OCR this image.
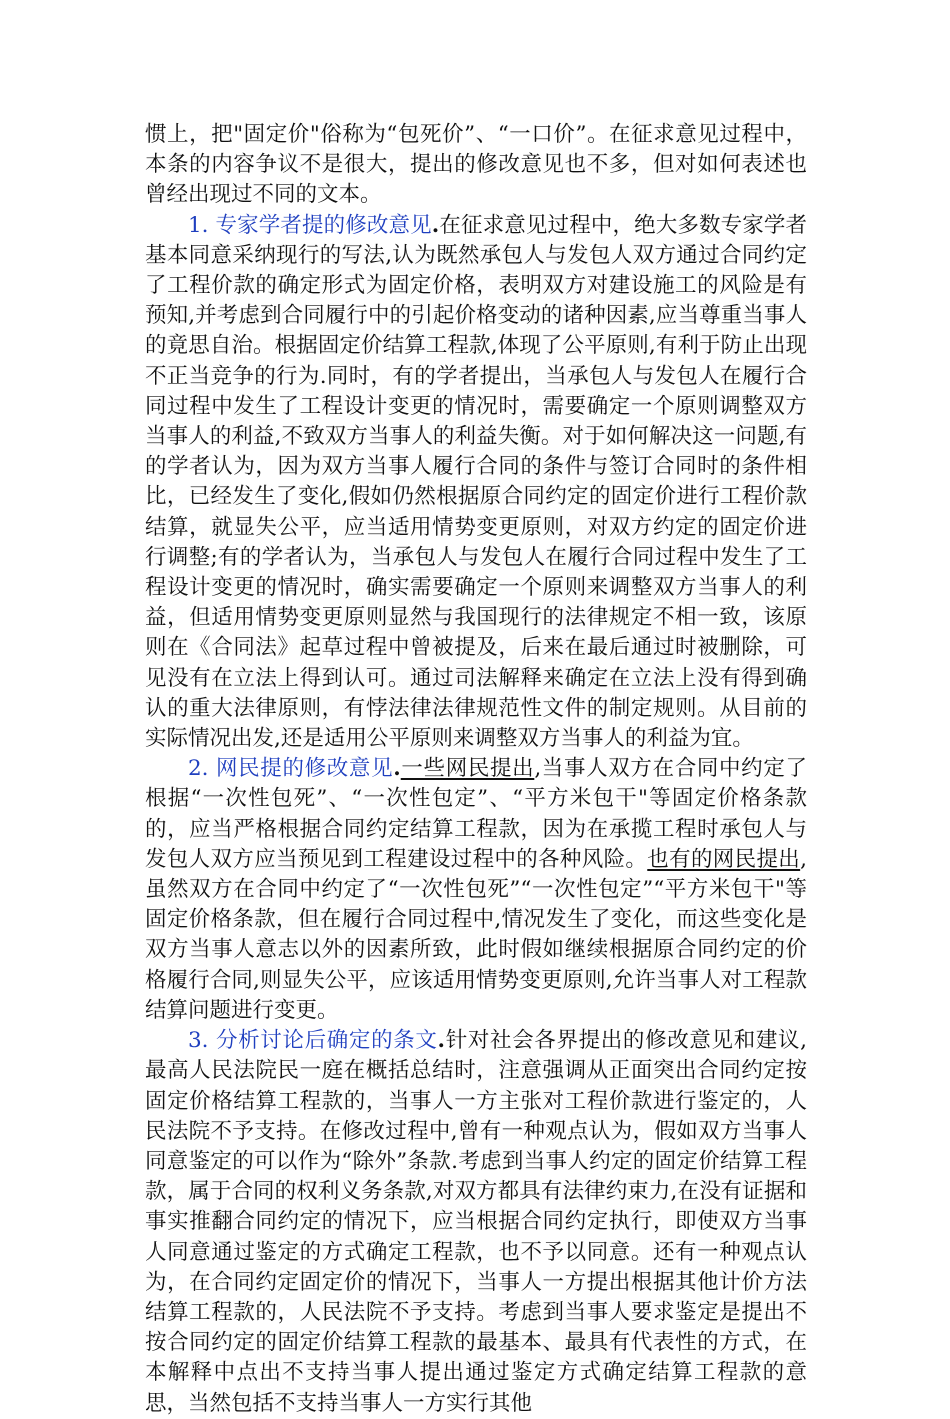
惯上，把"固定价"俗称为“包死价”、“一口价”。在征求意见过程中，本条的内容争议不是很大，提出的修改意见也不多，但对如何表述也曾经出现过不同的文本。

1. 专家学者提的修改意见.在征求意见过程中，绝大多数专家学者基本同意采纳现行的写法,认为既然承包人与发包人双方通过合同约定了工程价款的确定形式为固定价格，表明双方对建设施工的风险是有预知,并考虑到合同履行中的引起价格变动的诸种因素,应当尊重当事人的竟思自治。根据固定价结算工程款,体现了公平原则,有利于防止出现不正当竞争的行为.同时，有的学者提出，当承包人与发包人在履行合同过程中发生了工程设计变更的情况时，需要确定一个原则调整双方当事人的利益,不致双方当事人的利益失衡。对于如何解决这一问题,有的学者认为，因为双方当事人履行合同的条件与签订合同时的条件相比，已经发生了变化,假如仍然根据原合同约定的固定价进行工程价款结算，就显失公平，应当适用情势变更原则，对双方约定的固定价进行调整;有的学者认为，当承包人与发包人在履行合同过程中发生了工程设计变更的情况时，确实需要确定一个原则来调整双方当事人的利益，但适用情势变更原则显然与我国现行的法律规定不相一致，该原则在《合同法》起草过程中曾被提及，后来在最后通过时被删除，可见没有在立法上得到认可。通过司法解释来确定在立法上没有得到确认的重大法律原则，有悖法律法律规范性文件的制定规则。从目前的实际情况出发,还是适用公平原则来调整双方当事人的利益为宜。

2. 网民提的修改意见.一些网民提出,当事人双方在合同中约定了根据“一次性包死”、“一次性包定”、“平方米包干"等固定价格条款的，应当严格根据合同约定结算工程款，因为在承揽工程时承包人与发包人双方应当预见到工程建设过程中的各种风险。也有的网民提出,虽然双方在合同中约定了“一次性包死”“一次性包定”“平方米包干"等固定价格条款，但在履行合同过程中,情况发生了变化，而这些变化是双方当事人意志以外的因素所致，此时假如继续根据原合同约定的价格履行合同,则显失公平，应该适用情势变更原则,允许当事人对工程款结算问题进行变更。

3. 分析讨论后确定的条文.针对社会各界提出的修改意见和建议,最高人民法院民一庭在概括总结时，注意强调从正面突出合同约定按固定价格结算工程款的，当事人一方主张对工程价款进行鉴定的，人民法院不予支持。在修改过程中,曾有一种观点认为，假如双方当事人同意鉴定的可以作为“除外”条款.考虑到当事人约定的固定价结算工程款，属于合同的权利义务条款,对双方都具有法律约束力,在没有证据和事实推翻合同约定的情况下，应当根据合同约定执行，即使双方当事人同意通过鉴定的方式确定工程款，也不予以同意。还有一种观点认为，在合同约定固定价的情况下，当事人一方提出根据其他计价方法结算工程款的，人民法院不予支持。考虑到当事人要求鉴定是提出不按合同约定的固定价结算工程款的最基本、最具有代表性的方式，在本解释中点出不支持当事人提出通过鉴定方式确定结算工程款的意思，当然包括不支持当事人一方实行其他
